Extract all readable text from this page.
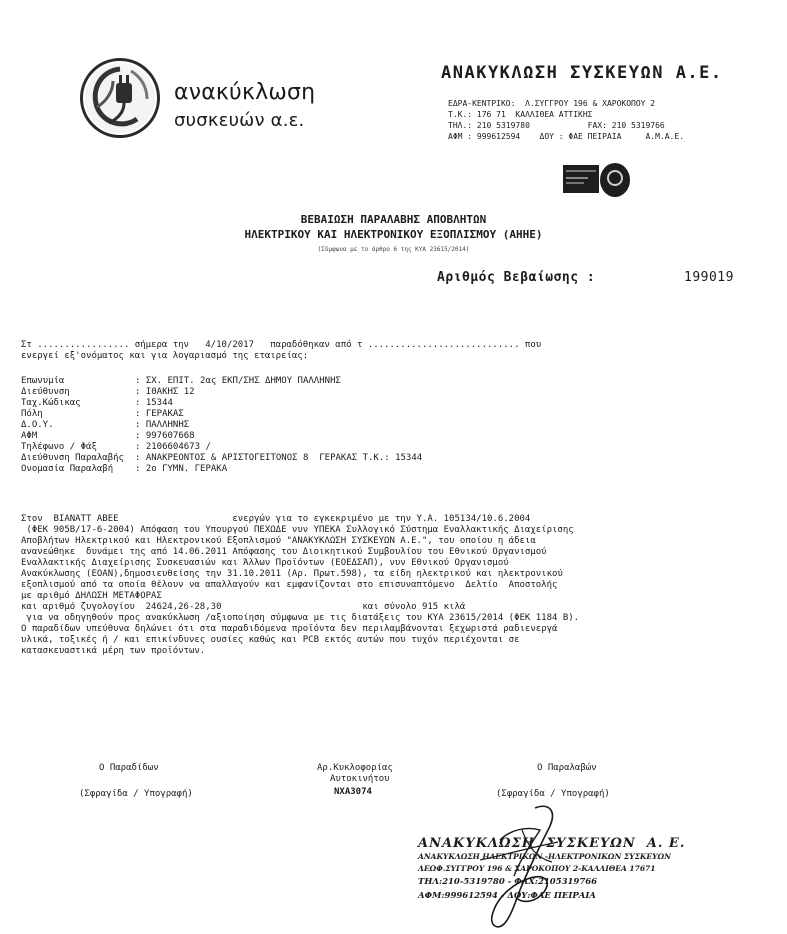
ανακύκλωση
συσκευών α.ε.
ΑΝΑΚΥΚΛΩΣΗ ΣΥΣΚΕΥΩΝ Α.Ε.
ΕΔΡΑ-ΚΕΝΤΡΙΚΟ:  Λ.ΣΥΓΓΡΟΥ 196 & ΧΑΡΟΚΟΠΟΥ 2
Τ.Κ.: 176 71  ΚΑΛΛΙΘΕΑ ΑΤΤΙΚΗΣ
ΤΗΛ.: 210 5319780            FAX: 210 5319766
ΑΦΜ : 999612594    ΔΟΥ : ΦΑΕ ΠΕΙΡΑΙΑ     Α.Μ.Α.Ε.
ΒΕΒΑΙΩΣΗ ΠΑΡΑΛΑΒΗΣ ΑΠΟΒΛΗΤΩΝ
ΗΛΕΚΤΡΙΚΟΥ ΚΑΙ ΗΛΕΚΤΡΟΝΙΚΟΥ ΕΞΟΠΛΙΣΜΟΥ (ΑΗΗΕ)
(Σύμφωνα με το άρθρο 6 της ΚΥΑ 23615/2014)
Αριθμός Βεβαίωσης :	199019
Στ ................. σήμερα την   4/10/2017   παραδόθηκαν από τ ............................ που
ενεργεί εξ'ονόματος και για λογαριασμό της εταιρείας:
Επωνυμία	: ΣΧ. ΕΠΙΤ. 2ας ΕΚΠ/ΣΗΣ ΔΗΜΟΥ ΠΑΛΛΗΝΗΣ
Διεύθυνση	: ΙΘΑΚΗΣ 12
Ταχ.Κώδικας	: 15344
Πόλη	: ΓΕΡΑΚΑΣ
Δ.Ο.Υ.	: ΠΑΛΛΗΝΗΣ
ΑΦΜ	: 997607668
Τηλέφωνο / Φάξ	: 2106604673 /
Διεύθυνση Παραλαβής : ΑΝΑΚΡΕΟΝΤΟΣ & ΑΡΙΣΤΟΓΕΙΤΟΝΟΣ 8  ΓΕΡΑΚΑΣ Τ.Κ.: 15344
Ονομασία Παραλαβή : 2ο ΓΥΜΝ. ΓΕΡΑΚΑ
Στον  ΒΙΑΝΑΤΤ ΑΒΕΕ                     ενεργών για το εγκεκριμένο με την Υ.Α. 105134/10.6.2004
(ΦΕΚ 905Β/17-6-2004) Απόφαση του Υπουργού ΠΕΧΩΔΕ νυν ΥΠΕΚΑ Συλλογικό Σύστημα Εναλλακτικής Διαχείρισης
Αποβλήτων Ηλεκτρικού και Ηλεκτρονικού Εξοπλισμού "ΑΝΑΚΥΚΛΩΣΗ ΣΥΣΚΕΥΩΝ Α.Ε.", του οποίου η άδεια
ανανεώθηκε  δυνάμει της από 14.06.2011 Απόφασης του Διοικητικού Συμβουλίου του Εθνικού Οργανισμού
Εναλλακτικής Διαχείρισης Συσκευασιών και Άλλων Προϊόντων (ΕΟΕΔΣΑΠ), νυν Εθνικού Οργανισμού
Ανακύκλωσης (ΕΟΑΝ),δημοσιευθείσης την 31.10.2011 (Αρ. Πρωτ.598), τα είδη ηλεκτρικού και ηλεκτρονικού
εξοπλισμού από τα οποία θέλουν να απαλλαγούν και εμφανίζονται στο επισυναπτόμενο  Δελτίο  Αποστολής
με αριθμό ΔΗΛΩΣΗ ΜΕΤΑΦΟΡΑΣ
και αριθμό ζυγολογίου  24624,26-28,30                          και σύνολο 915 κιλά
για να οδηγηθούν προς ανακύκλωση /αξιοποίηση σύμφωνα με τις διατάξεις του ΚΥΑ 23615/2014 (ΦΕΚ 1184 Β).
Ο παραδίδων υπεύθυνα δηλώνει ότι στα παραδιδόμενα προϊόντα δεν περιλαμβάνονται ξεχωριστά ραδιενεργά
υλικά, τοξικές ή / και επικίνδυνες ουσίες καθώς και PCB εκτός αυτών που τυχόν περιέχονται σε
κατασκευαστικά μέρη των προϊόντων.
Ο Παραδίδων
(Σφραγίδα / Υπογραφή)
Αρ.Κυκλοφορίας
Αυτοκινήτου
ΝΧΑ3074
Ο Παραλαβών
(Σφραγίδα / Υπογραφή)
ΑΝΑΚΥΚΛΩΣΗ  ΣΥΣΚΕΥΩΝ  Α. Ε.
ΑΝΑΚΥΚΛΩΣΗ ΗΛΕΚΤΡΙΚΩΝ -ΗΛΕΚΤΡΟΝΙΚΩΝ ΣΥΣΚΕΥΩΝ
ΛΕΩΦ.ΣΥΓΓΡΟΥ 196 & ΧΑΡΟΚΟΠΟΥ 2-ΚΑΛΛΙΘΕΑ 17671
ΤΗΛ:210-5319780 - ΦΑΧ:2105319766
ΑΦΜ:999612594 - ΔΟΥ:ΦΑΕ ΠΕΙΡΑΙΑ
